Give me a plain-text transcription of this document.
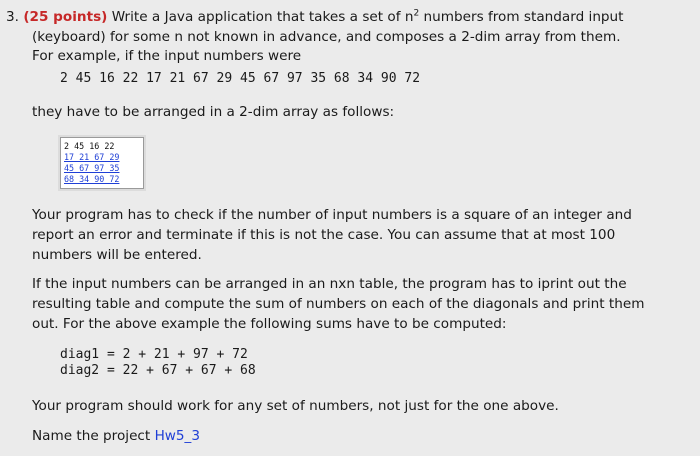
3. (25 points) Write a Java application that takes a set of $n^2$ numbers from standard input
(keyboard) for some n not known in advance, and composes a 2-dim array from them.
For example, if the input numbers were
2 45 16 22 17 21 67 29 45 67 97 35 68 34 90 72
they have to be arranged in a 2-dim array as follows:
2 45 16 22
17 21 67 29
45 67 97 35
68 34 90 72
Your program has to check if the number of input numbers is a square of an integer and
report an error and terminate if this is not the case. You can assume that at most 100
numbers will be entered.
If the input numbers can be arranged in an nxn table, the program has to iprint out the
resulting table and compute the sum of numbers on each of the diagonals and print them
out. For the above example the following sums have to be computed:
diag1 = 2 + 21 + 97 + 72
diag2 = 22 + 67 + 67 + 68
Your program should work for any set of numbers, not just for the one above.
Name the project Hw5_3
